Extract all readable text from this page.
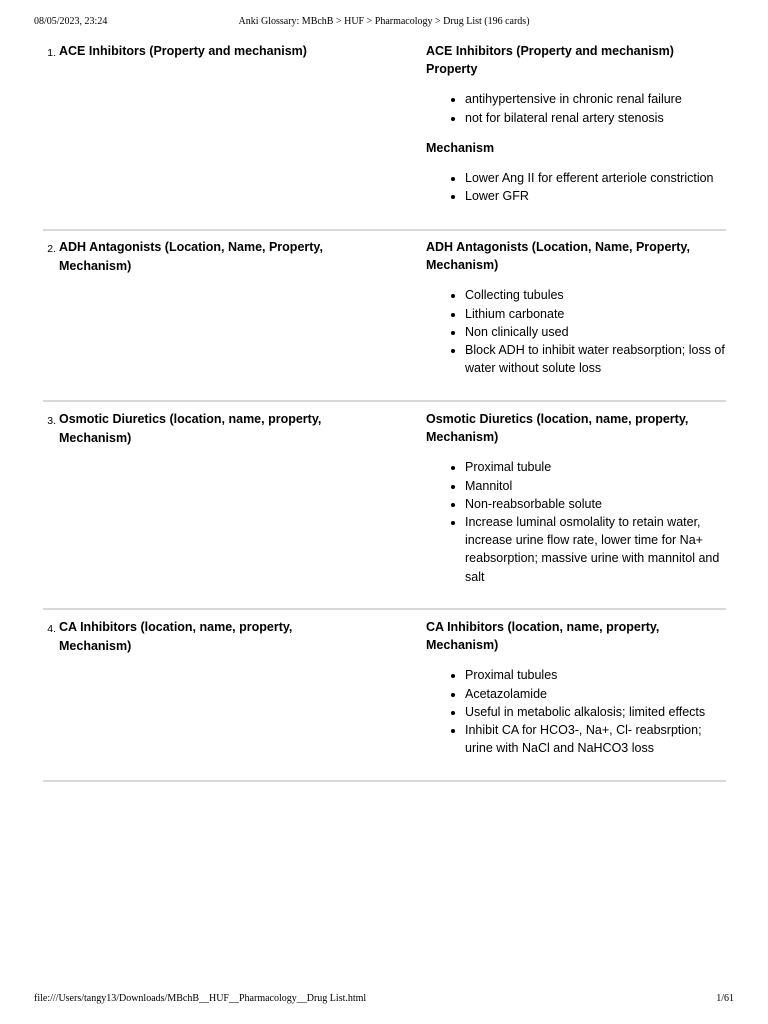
08/05/2023, 23:24	Anki Glossary: MBchB > HUF > Pharmacology > Drug List (196 cards)
1. ACE Inhibitors (Property and mechanism)	ACE Inhibitors (Property and mechanism)
Property
• antihypertensive in chronic renal failure
• not for bilateral renal artery stenosis
Mechanism
• Lower Ang II for efferent arteriole constriction
• Lower GFR
2. ADH Antagonists (Location, Name, Property, Mechanism)
ADH Antagonists (Location, Name, Property, Mechanism)
• Collecting tubules
• Lithium carbonate
• Non clinically used
• Block ADH to inhibit water reabsorption; loss of water without solute loss
3. Osmotic Diuretics (location, name, property, Mechanism)
Osmotic Diuretics (location, name, property, Mechanism)
• Proximal tubule
• Mannitol
• Non-reabsorbable solute
• Increase luminal osmolality to retain water, increase urine flow rate, lower time for Na+ reabsorption; massive urine with mannitol and salt
4. CA Inhibitors (location, name, property, Mechanism)
CA Inhibitors (location, name, property, Mechanism)
• Proximal tubules
• Acetazolamide
• Useful in metabolic alkalosis; limited effects
• Inhibit CA for HCO3-, Na+, Cl- reabsrption; urine with NaCl and NaHCO3 loss
file:///Users/tangy13/Downloads/MBchB__HUF__Pharmacology__Drug List.html	1/61
